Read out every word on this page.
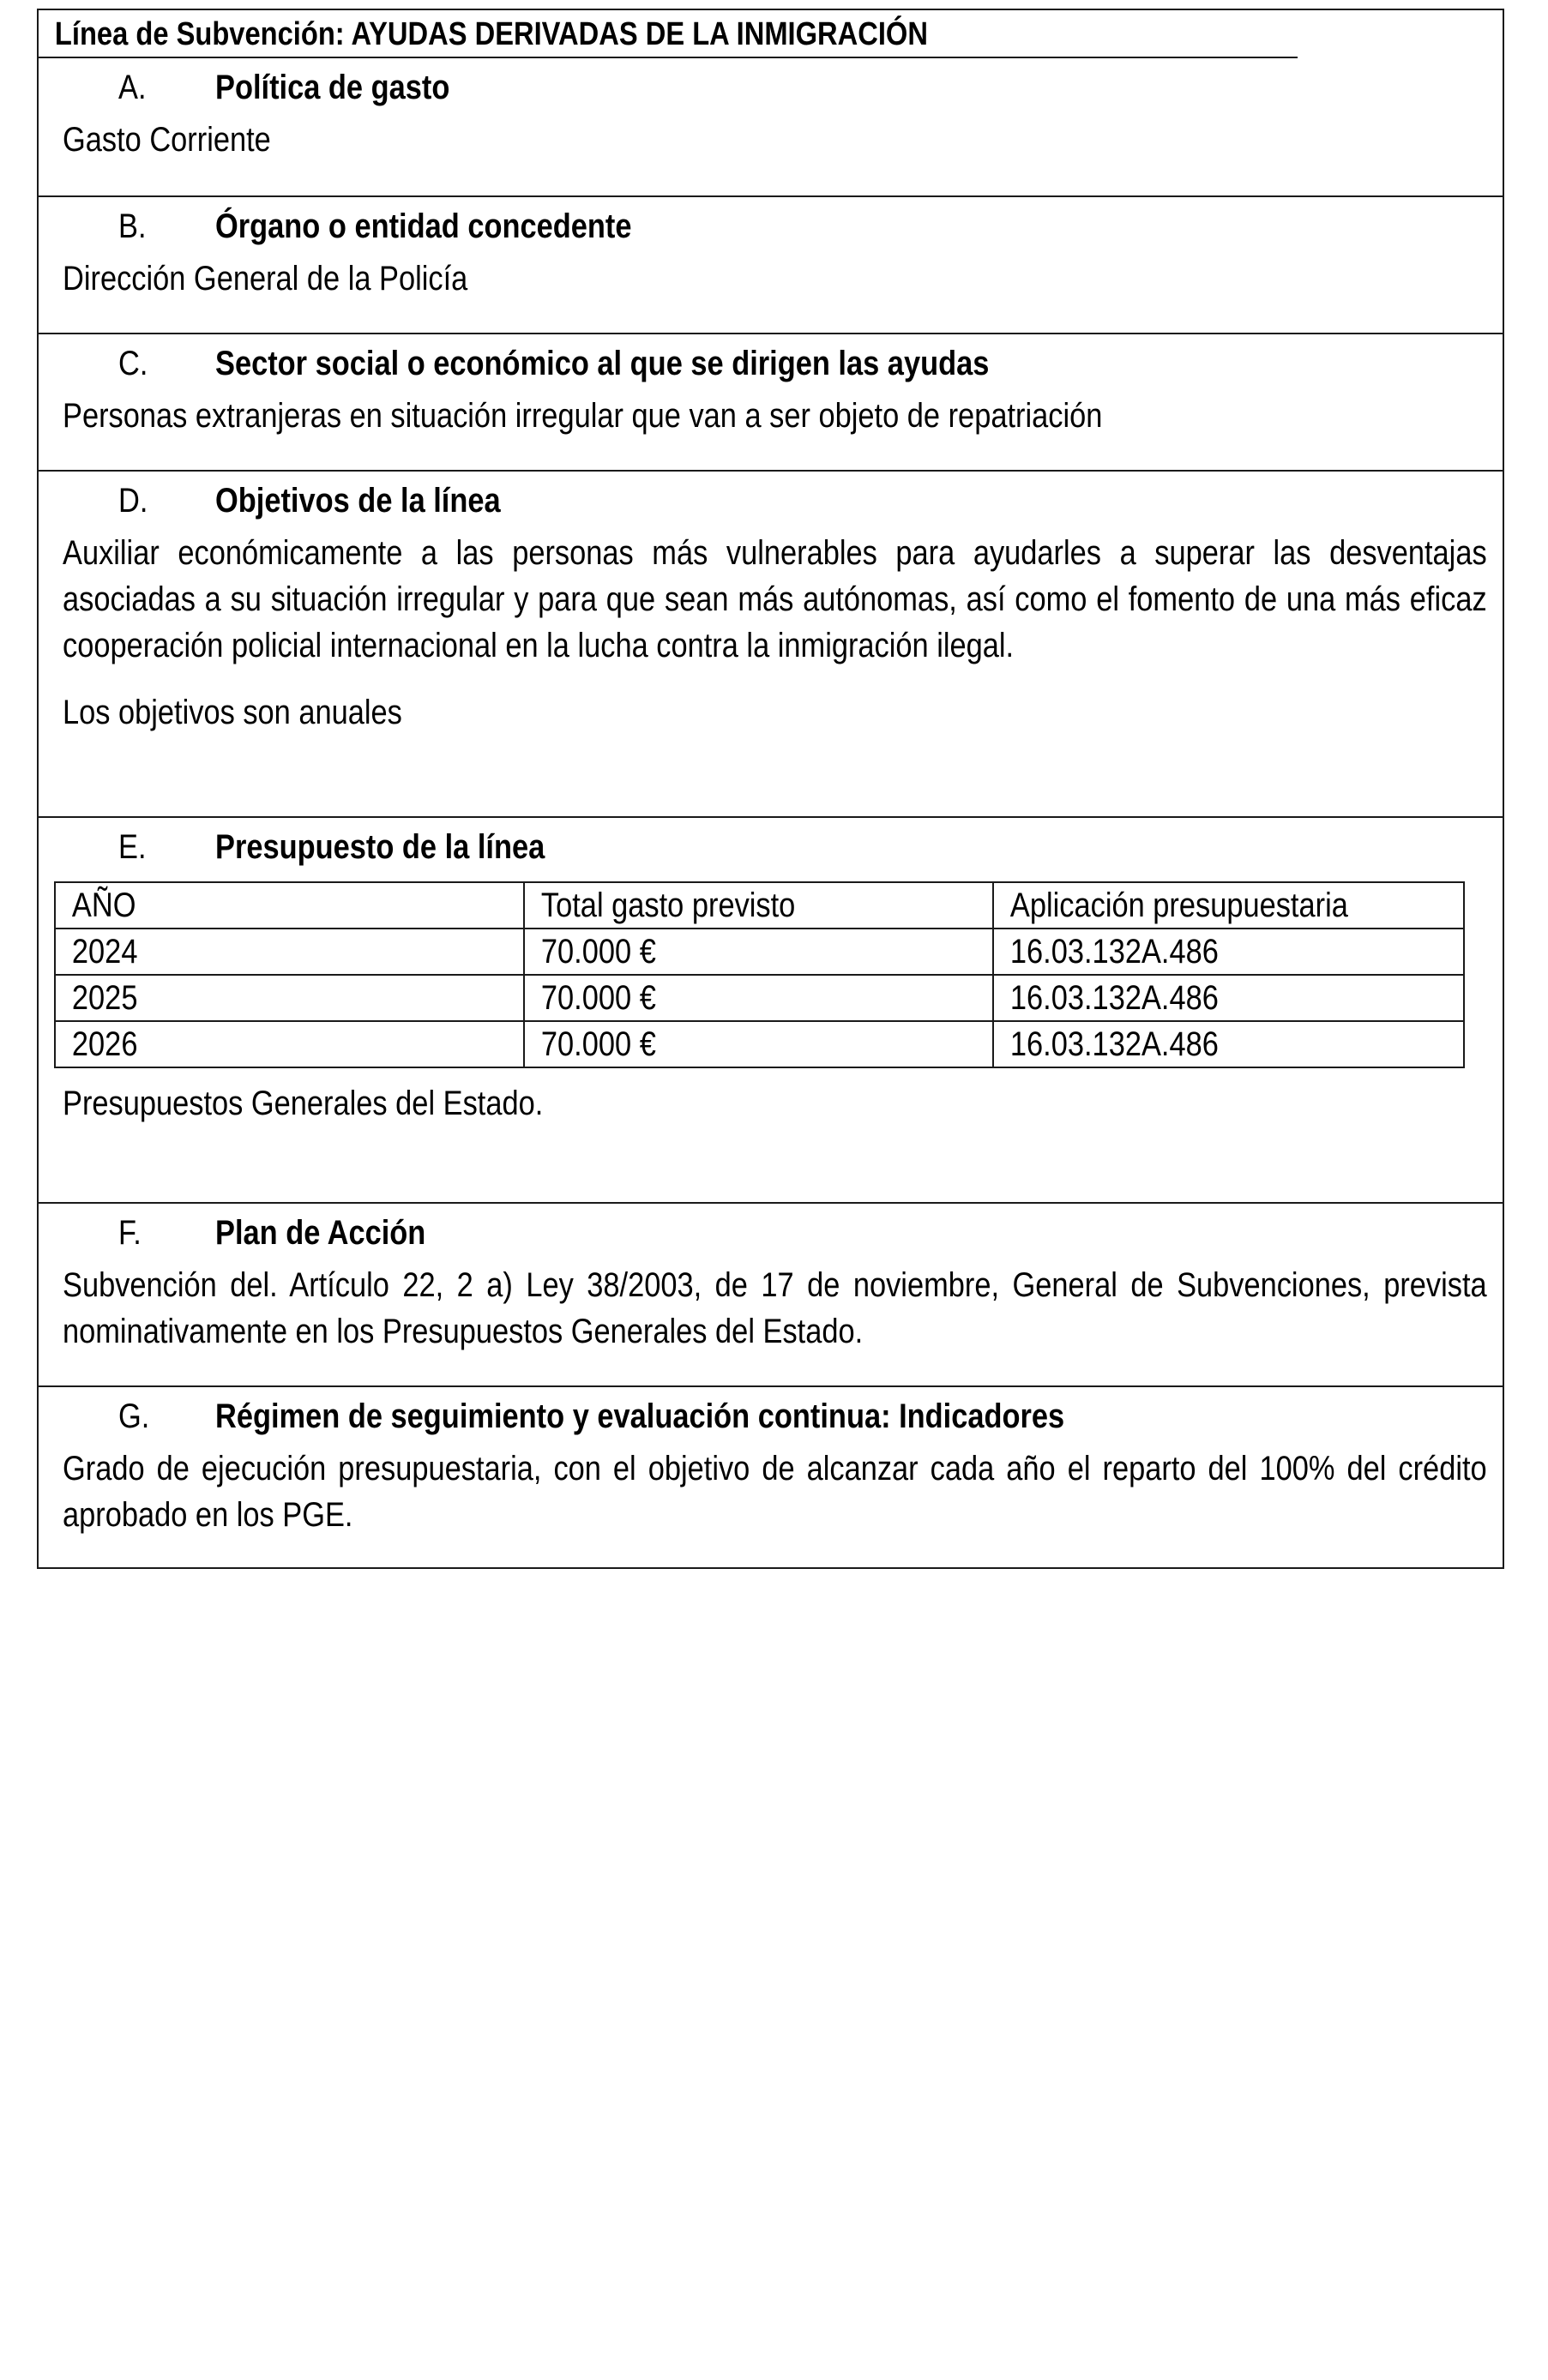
Línea de Subvención: AYUDAS DERIVADAS DE LA INMIGRACIÓN
A. Política de gasto

Gasto Corriente

B. Órgano o entidad concedente

Dirección General de la Policía

C. Sector social o económico al que se dirigen las ayudas

Personas extranjeras en situación irregular que van a ser objeto de repatriación

D. Objetivos de la línea

Auxiliar económicamente a las personas más vulnerables para ayudarles a superar las desventajas asociadas a su situación irregular y para que sean más autónomas, así como el fomento de una más eficaz cooperación policial internacional en la lucha contra la inmigración ilegal.

Los objetivos son anuales

E. Presupuesto de la línea
AÑO	Total gasto previsto	Aplicación presupuestaria
2024	70.000 €	16.03.132A.486
2025	70.000 €	16.03.132A.486
2026	70.000 €	16.03.132A.486

Presupuestos Generales del Estado.

F. Plan de Acción

Subvención del. Artículo 22, 2 a) Ley 38/2003, de 17 de noviembre, General de Subvenciones, prevista nominativamente en los Presupuestos Generales del Estado.

G. Régimen de seguimiento y evaluación continua: Indicadores

Grado de ejecución presupuestaria, con el objetivo de alcanzar cada año el reparto del 100% del crédito aprobado en los PGE.
